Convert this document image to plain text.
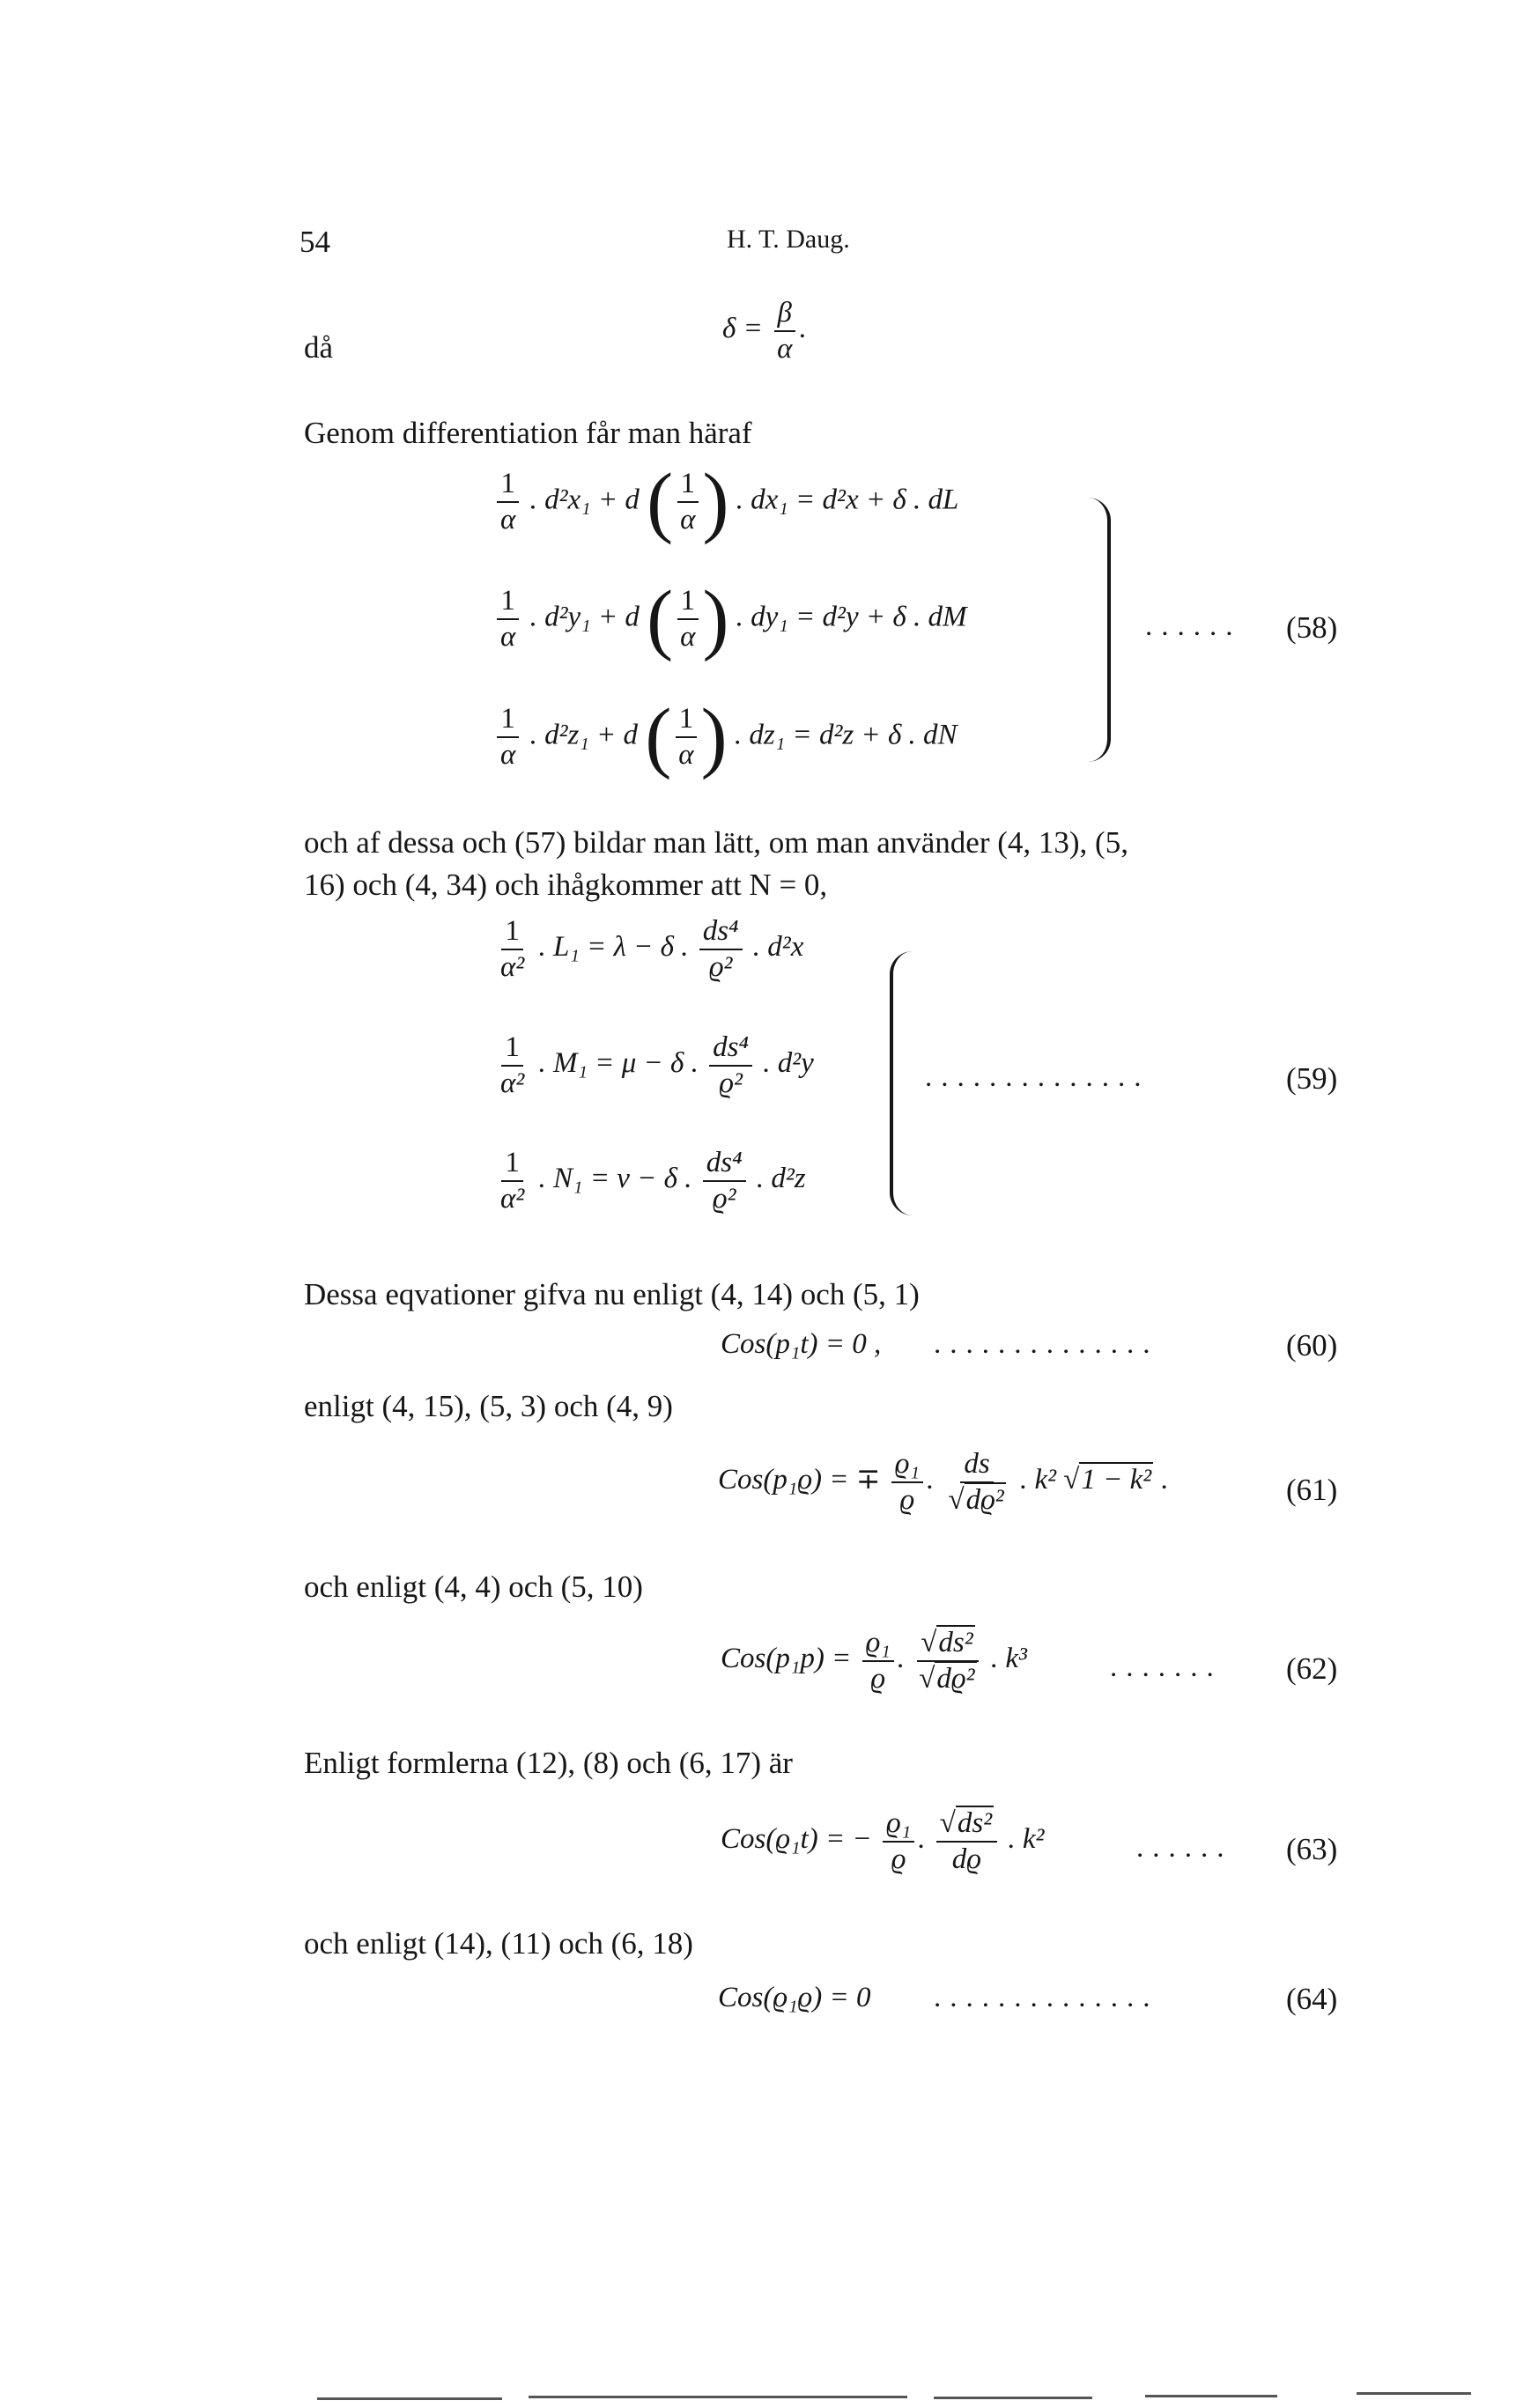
54	H. T. Daug.
då
$\delta = \frac{\beta}{\alpha}$ .
Genom differentiation får man häraf
$\frac{1}{\alpha}$ . d²x₁ + d ( $\frac{1}{\alpha}$ ) . dx₁ = d²x + δ . dL
$\frac{1}{\alpha}$ . d²y₁ + d ( $\frac{1}{\alpha}$ ) . dy₁ = d²y + δ . dM
$\frac{1}{\alpha}$ . d²z₁ + d ( $\frac{1}{\alpha}$ ) . dz₁ = d²z + δ . dN
...... (58)
och af dessa och (57) bildar man lätt, om man använder (4, 13), (5,
16) och (4, 34) och ihågkommer att N = 0,
$\frac{1}{\text{α²}}$ . L₁ = λ − δ . $\frac{\text{ds⁴}}{\text{ϱ²}}$ . d²x
$\frac{1}{\text{α²}}$ . M₁ = μ − δ . $\frac{\text{ds⁴}}{\text{ϱ²}}$ . d²y
$\frac{1}{\text{α²}}$ . N₁ = ν − δ . $\frac{\text{ds⁴}}{\text{ϱ²}}$ . d²z
..............	(59)
Dessa eqvationer gifva nu enligt (4, 14) och (5, 1)
Cos(p₁t) = 0 , ..............	(60)
enligt (4, 15), (5, 3) och (4, 9)
Cos(p₁ϱ) = ∓ $\frac{\text{ϱ₁}}{ϱ}$ . $\frac{ds}{\text{√dϱ²}}$ . k² √1 − k² .	(61)
och enligt (4, 4) och (5, 10)
$Cos(p_1p) = \frac{\text{ϱ₁}}{ϱ}$ . $\frac{\text{√ds²}}{\text{√dϱ²}}$ . k³	....... (62)
Enligt formlerna (12), (8) och (6, 17) är
Cos(ϱ₁t) = − $\frac{\text{ϱ₁}}{ϱ}$ . $\frac{\text{√ds²}}{dϱ}$ . k²	...... (63)
och enligt (14), (11) och (6, 18)
Cos(ϱ₁ϱ) = 0 ..............	(64)
